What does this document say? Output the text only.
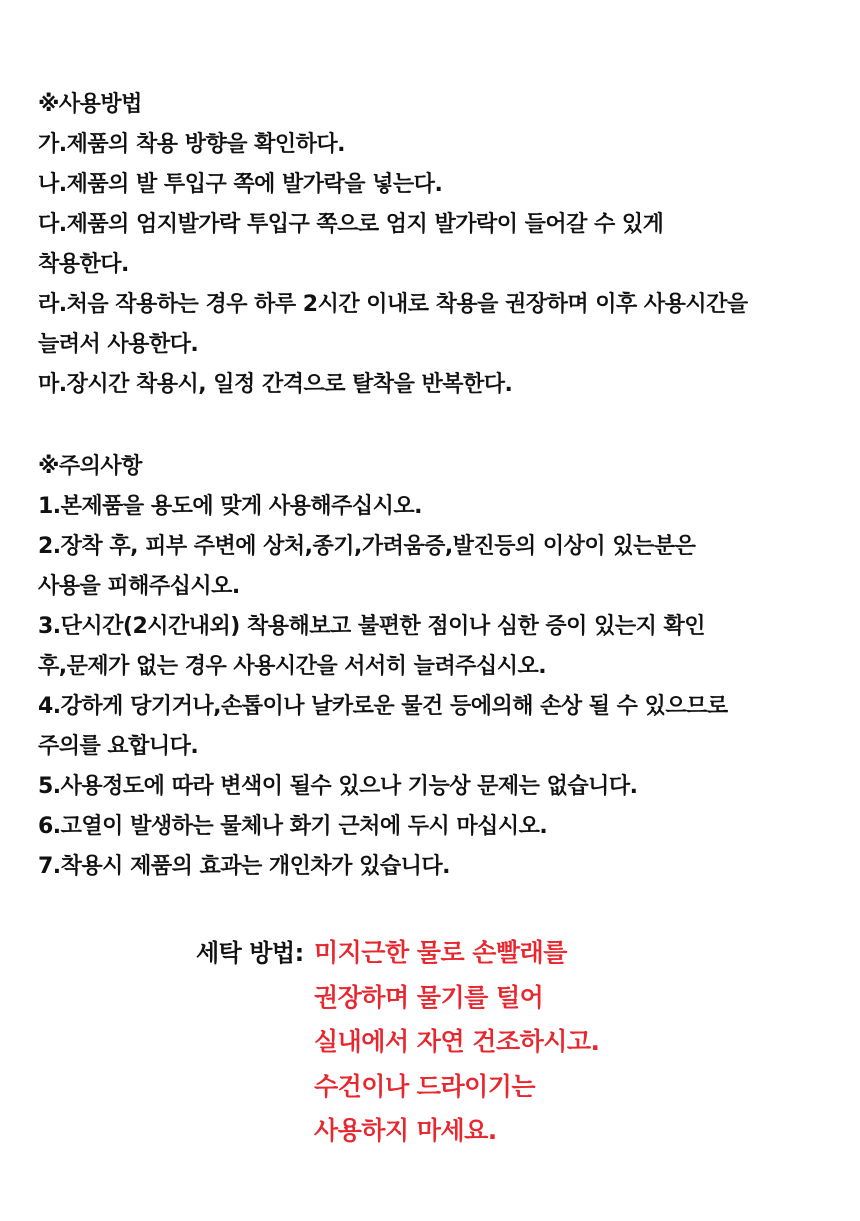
※사용방법
가.제품의 착용 방향을 확인하다.
나.제품의 발 투입구 쪽에 발가락을 넣는다.
다.제품의 엄지발가락 투입구 쪽으로 엄지 발가락이 들어갈 수 있게
착용한다.
라.처음 작용하는 경우 하루 2시간 이내로 착용을 권장하며 이후 사용시간을
늘려서 사용한다.
마.장시간 착용시, 일정 간격으로 탈착을 반복한다.
※주의사항
1.본제품을 용도에 맞게 사용해주십시오.
2.장착 후, 피부 주변에 상처,종기,가려움증,발진등의 이상이 있는분은
사용을 피해주십시오.
3.단시간(2시간내외) 착용해보고 불편한 점이나 심한 증이 있는지 확인
후,문제가 없는 경우 사용시간을 서서히 늘려주십시오.
4.강하게 당기거나,손톱이나 날카로운 물건 등에의해 손상 될 수 있으므로
주의를 요합니다.
5.사용정도에 따라 변색이 될수 있으나 기능상 문제는 없습니다.
6.고열이 발생하는 물체나 화기 근처에 두시 마십시오.
7.착용시 제품의 효과는 개인차가 있습니다.
세탁 방법: 미지근한 물로 손빨래를
권장하며 물기를 털어
실내에서 자연 건조하시고.
수건이나 드라이기는
사용하지 마세요.
